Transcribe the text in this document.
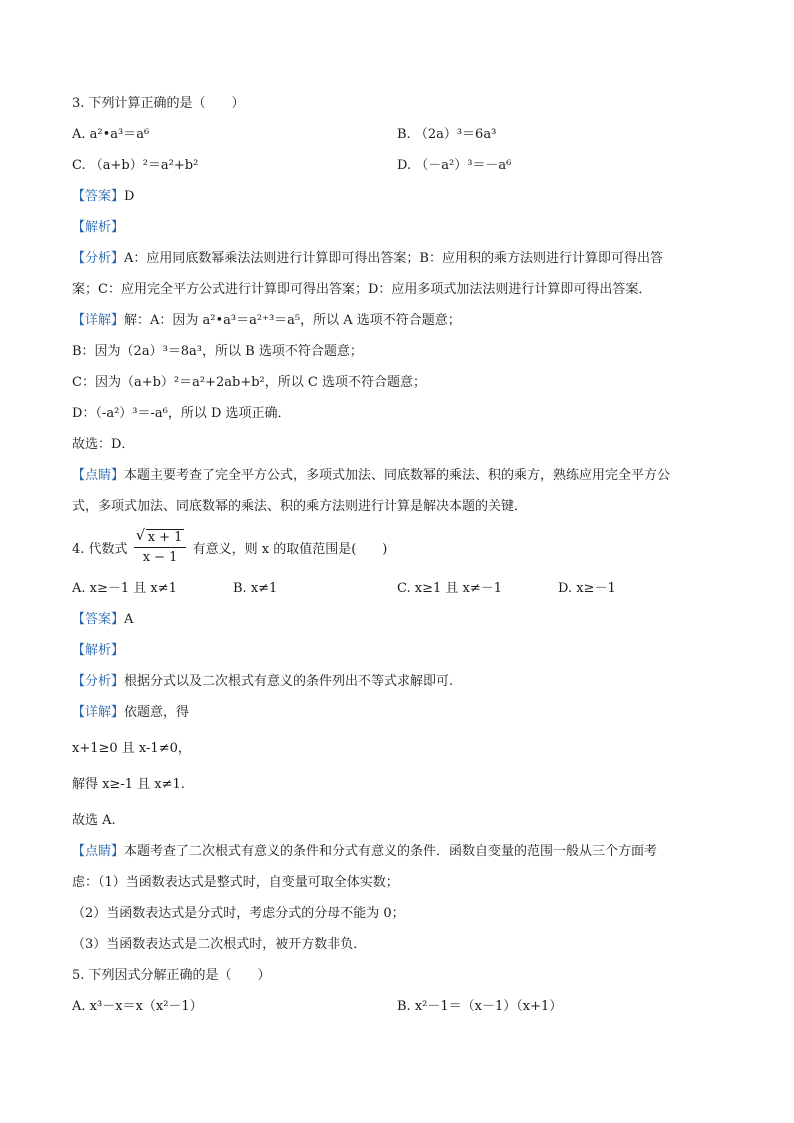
3. 下列计算正确的是（　　）
A. a²•a³＝a⁶	B. （2a）³＝6a³
C. （a+b）²＝a²+b²	D. （－a²）³＝－a⁶
【答案】D
【解析】
【分析】A：应用同底数幂乘法法则进行计算即可得出答案；B：应用积的乘方法则进行计算即可得出答
案；C：应用完全平方公式进行计算即可得出答案；D：应用多项式加法法则进行计算即可得出答案．
【详解】解：A：因为 a²•a³＝a²⁺³＝a⁵，所以 A 选项不符合题意；
B：因为（2a）³＝8a³，所以 B 选项不符合题意；
C：因为（a+b）²＝a²+2ab+b²，所以 C 选项不符合题意；
D：（-a²）³＝-a⁶，所以 D 选项正确．
故选：D．
【点睛】本题主要考查了完全平方公式，多项式加法、同底数幂的乘法、积的乘方，熟练应用完全平方公
式，多项式加法、同底数幂的乘法、积的乘方法则进行计算是解决本题的关键．
4. 代数式 $\frac{√ x + 1}{x - 1}$ 有意义，则 x 的取值范围是(　　)
A. x≥－1 且 x≠1	B. x≠1	C. x≥1 且 x≠－1	D. x≥－1
【答案】A
【解析】
【分析】根据分式以及二次根式有意义的条件列出不等式求解即可.
【详解】依题意，得
x+1≥0 且 x-1≠0，
解得 x≥-1 且 x≠1.
故选 A.
【点睛】本题考查了二次根式有意义的条件和分式有意义的条件．函数自变量的范围一般从三个方面考
虑：（1）当函数表达式是整式时，自变量可取全体实数；
（2）当函数表达式是分式时，考虑分式的分母不能为 0；
（3）当函数表达式是二次根式时，被开方数非负．
5. 下列因式分解正确的是（　　）
A. x³－x＝x（x²－1）	B. x²－1＝（x－1）（x+1）
